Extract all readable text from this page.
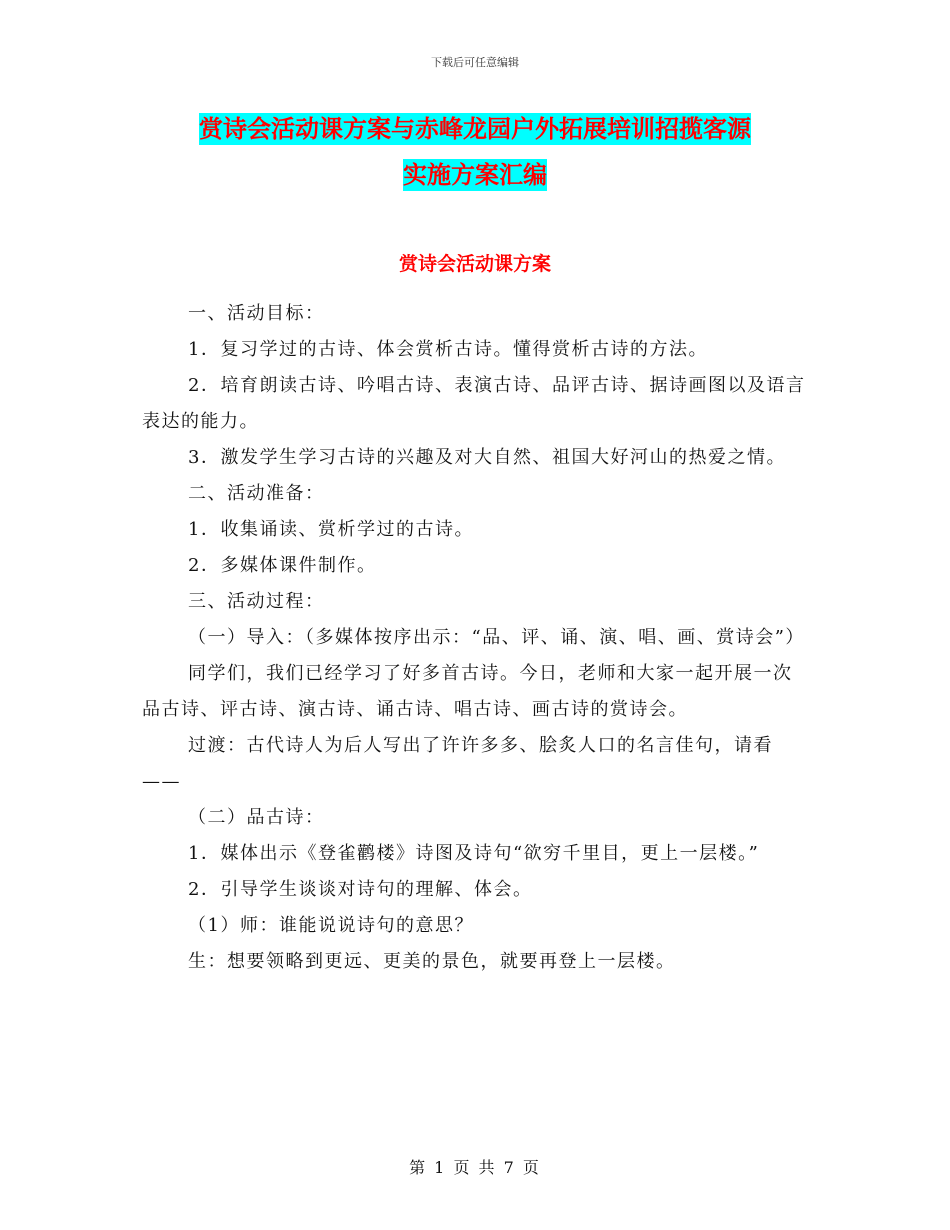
下载后可任意编辑
赏诗会活动课方案与赤峰龙园户外拓展培训招揽客源
实施方案汇编
赏诗会活动课方案

一、活动目标：

1．复习学过的古诗、体会赏析古诗。懂得赏析古诗的方法。

2．培育朗读古诗、吟唱古诗、表演古诗、品评古诗、据诗画图以及语言表达的能力。

3．激发学生学习古诗的兴趣及对大自然、祖国大好河山的热爱之情。

二、活动准备：

1．收集诵读、赏析学过的古诗。

2．多媒体课件制作。

三、活动过程：

（一）导入：（多媒体按序出示：“品、评、诵、演、唱、画、赏诗会”）

同学们，我们已经学习了好多首古诗。今日，老师和大家一起开展一次品古诗、评古诗、演古诗、诵古诗、唱古诗、画古诗的赏诗会。

过渡：古代诗人为后人写出了许许多多、脍炙人口的名言佳句，请看——

（二）品古诗：

1．媒体出示《登雀鹳楼》诗图及诗句“欲穷千里目，更上一层楼。”

2．引导学生谈谈对诗句的理解、体会。

（1）师：谁能说说诗句的意思？

生：想要领略到更远、更美的景色，就要再登上一层楼。

第 1 页 共 7 页
